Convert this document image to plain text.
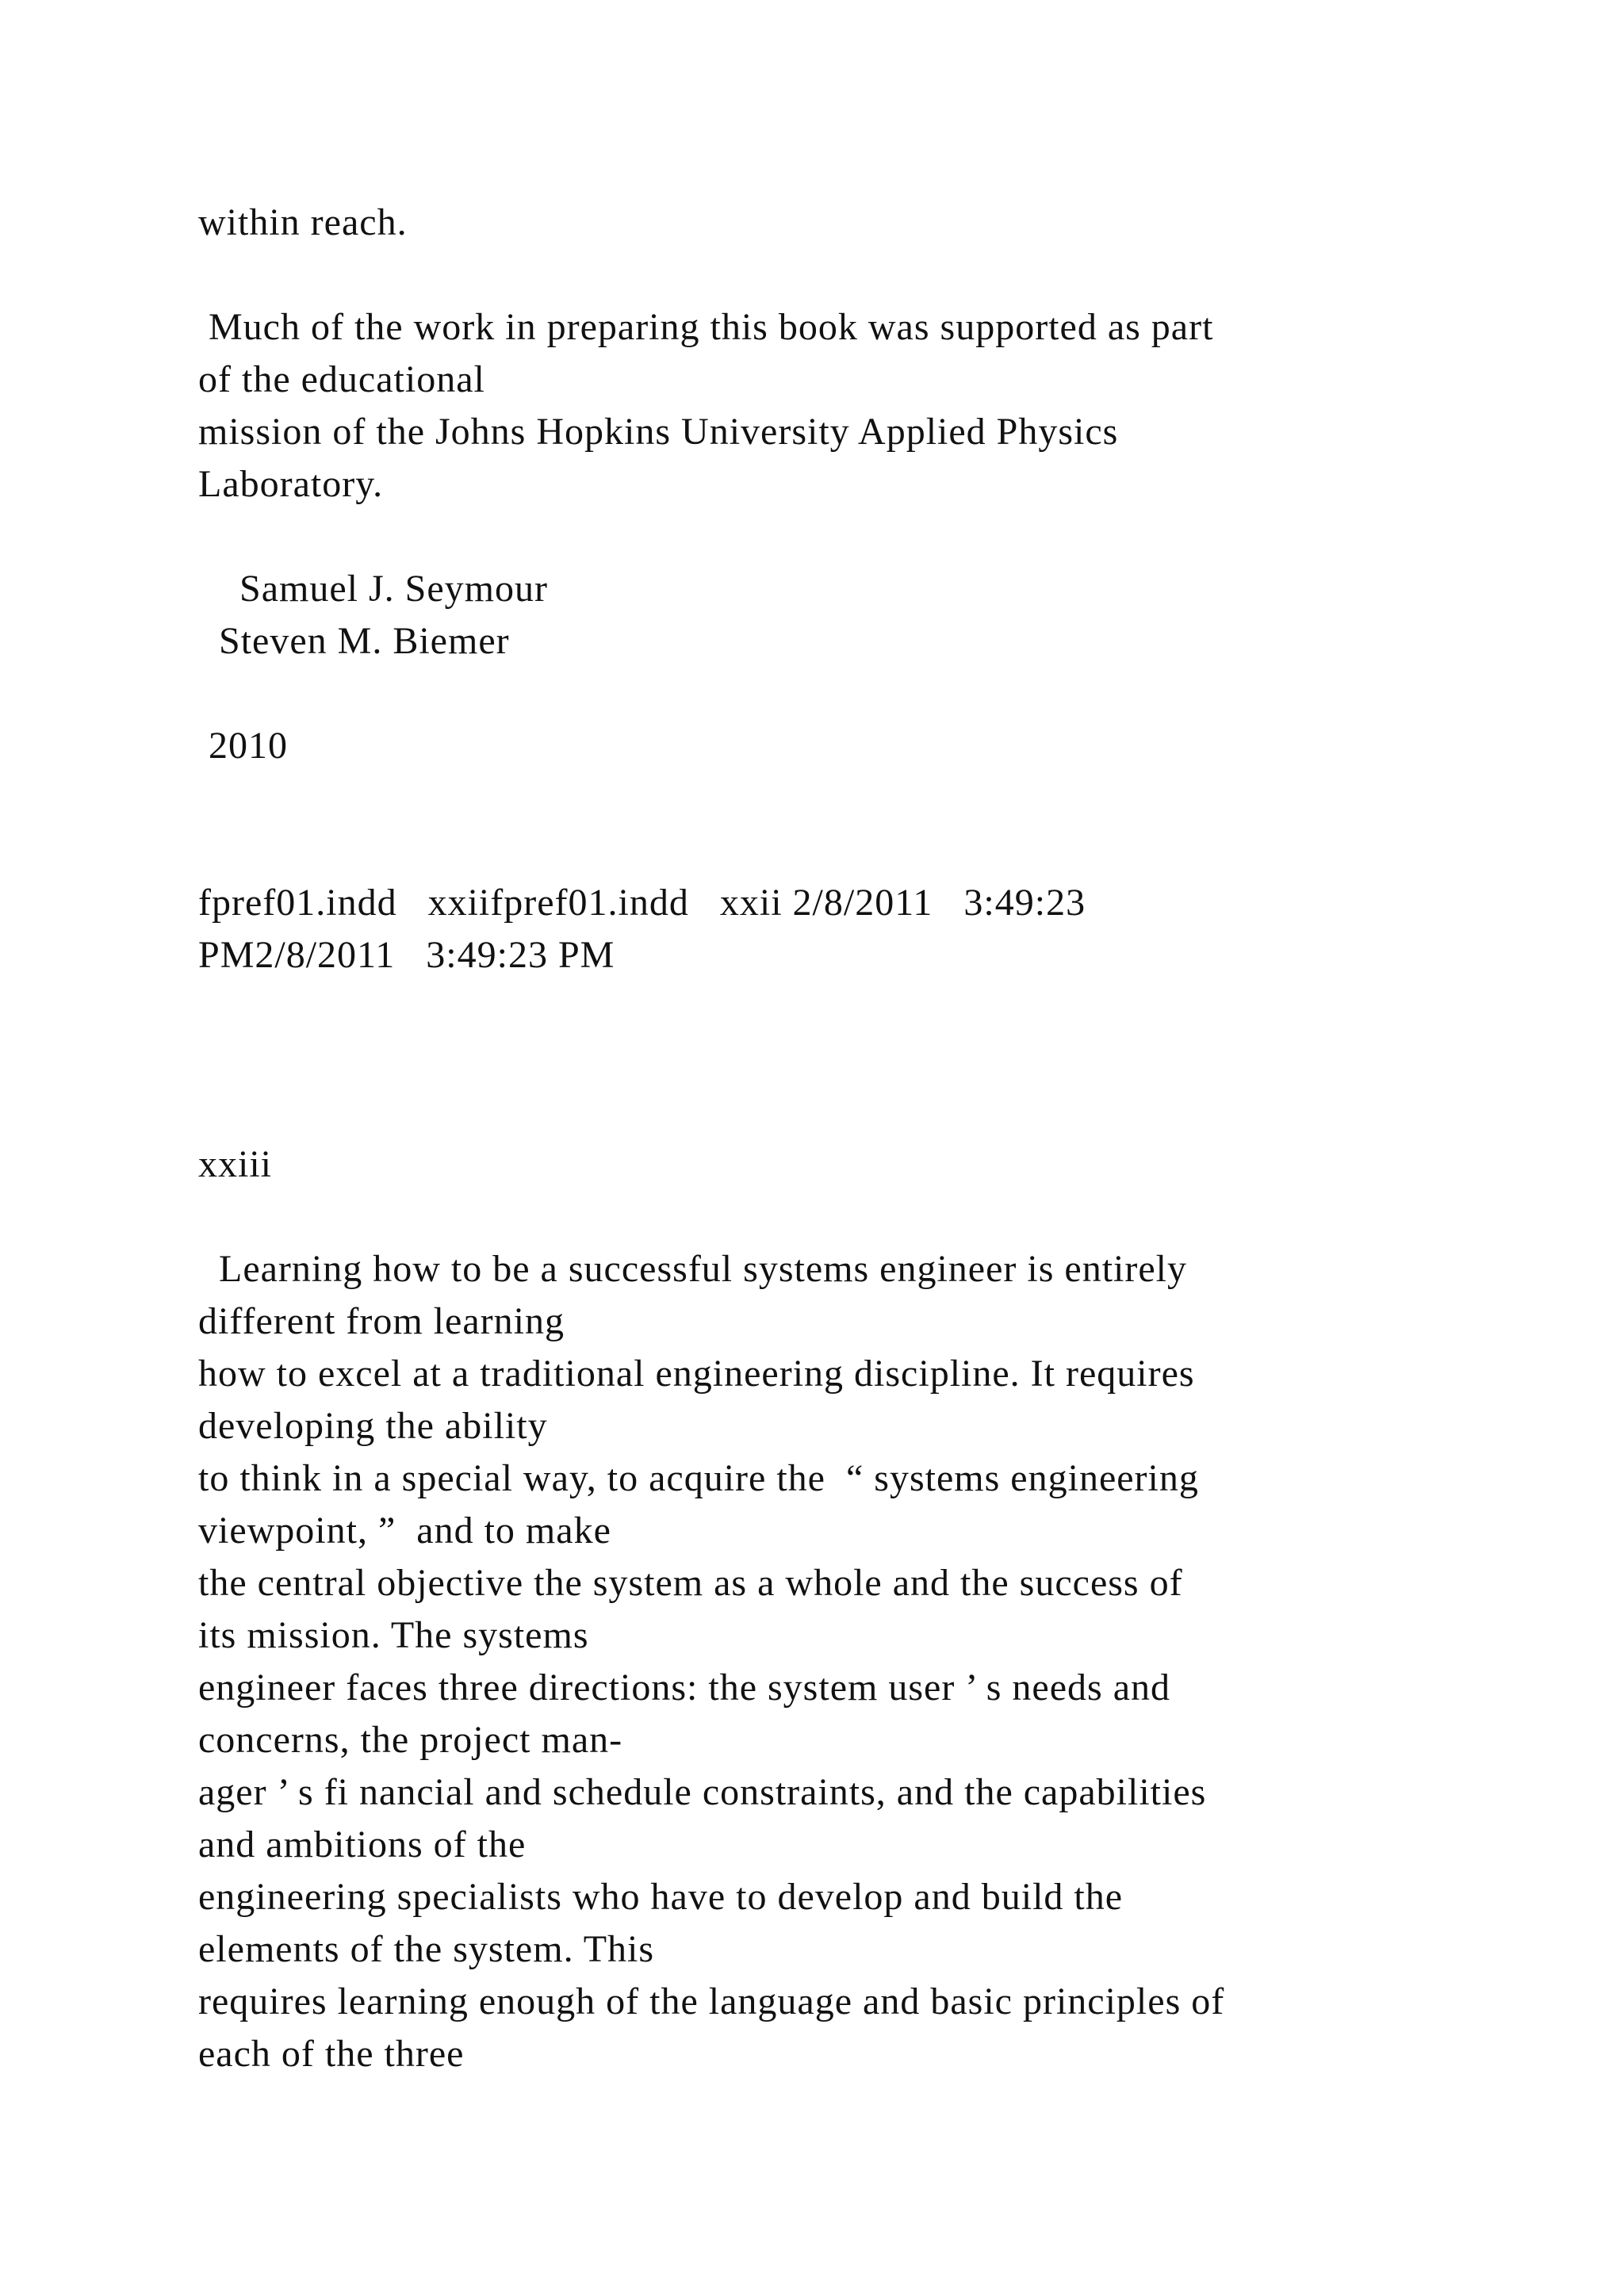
within reach.

Much of the work in preparing this book was supported as part

of the educational

mission of the Johns Hopkins University Applied Physics

Laboratory.

Samuel J. Seymour

Steven M. Biemer

2010

fpref01.indd   xxiifpref01.indd   xxii 2/8/2011   3:49:23

PM2/8/2011   3:49:23 PM

xxiii

Learning how to be a successful systems engineer is entirely

different from learning

how to excel at a traditional engineering discipline. It requires

developing the ability

to think in a special way, to acquire the  “ systems engineering

viewpoint, ”  and to make

the central objective the system as a whole and the success of

its mission. The systems

engineer faces three directions: the system user ’ s needs and

concerns, the project man-

ager ’ s fi nancial and schedule constraints, and the capabilities

and ambitions of the

engineering specialists who have to develop and build the

elements of the system. This

requires learning enough of the language and basic principles of

each of the three
